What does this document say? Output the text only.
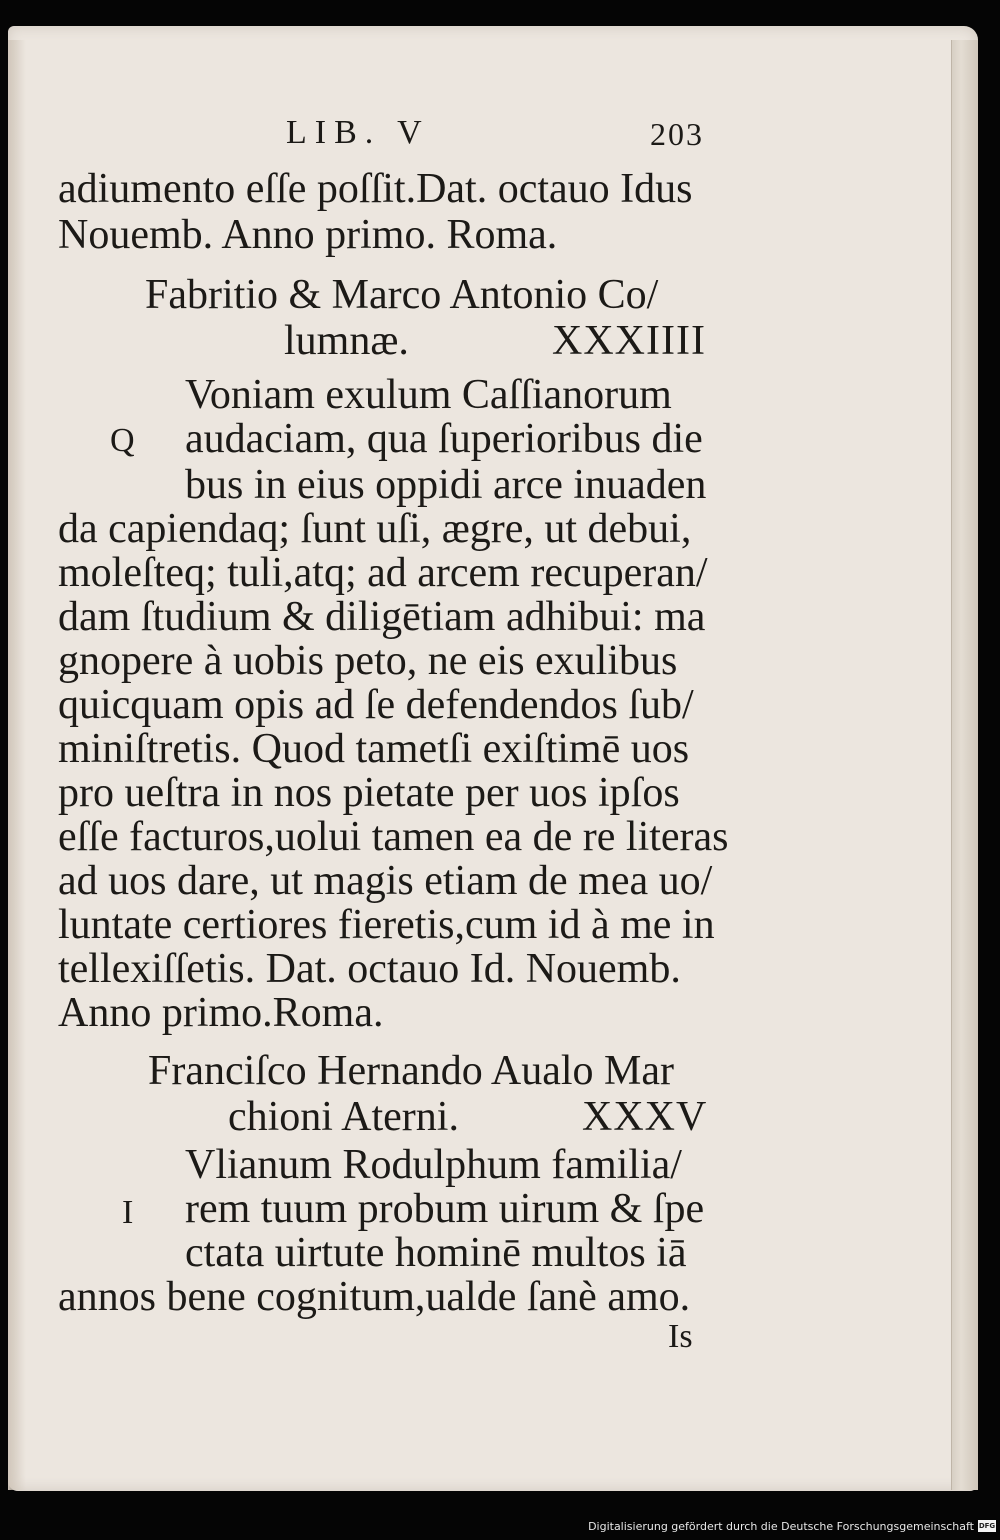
LIB. V	203
adiumento eſſe poſſit.Dat. octauo Idus
Nouemb. Anno primo. Roma.
Fabritio & Marco Antonio Co/
lumnæ.	XXXIIII
Voniam exulum Caſſianorum
Q audaciam, qua ſuperioribus die
bus in eius oppidi arce inuaden
da capiendaq; ſunt uſi, ægre, ut debui,
moleſteq; tuli,atq; ad arcem recuperan/
dam ſtudium & diligētiam adhibui: ma
gnopere à uobis peto, ne eis exulibus
quicquam opis ad ſe defendendos ſub/
miniſtretis. Quod tametſi exiſtimē uos
pro ueſtra in nos pietate per uos ipſos
eſſe facturos,uolui tamen ea de re literas
ad uos dare, ut magis etiam de mea uo/
luntate certiores fieretis,cum id à me in
tellexiſſetis. Dat. octauo Id. Nouemb.
Anno primo.Roma.
Franciſco Hernando Aualo Mar
chioni Aterni.	XXXV
Vlianum Rodulphum familia/
I rem tuum probum uirum & ſpe
ctata uirtute hominē multos iā
annos bene cognitum,ualde ſanè amo.
Is
Digitalisierung gefördert durch die Deutsche Forschungsgemeinschaft DFG
